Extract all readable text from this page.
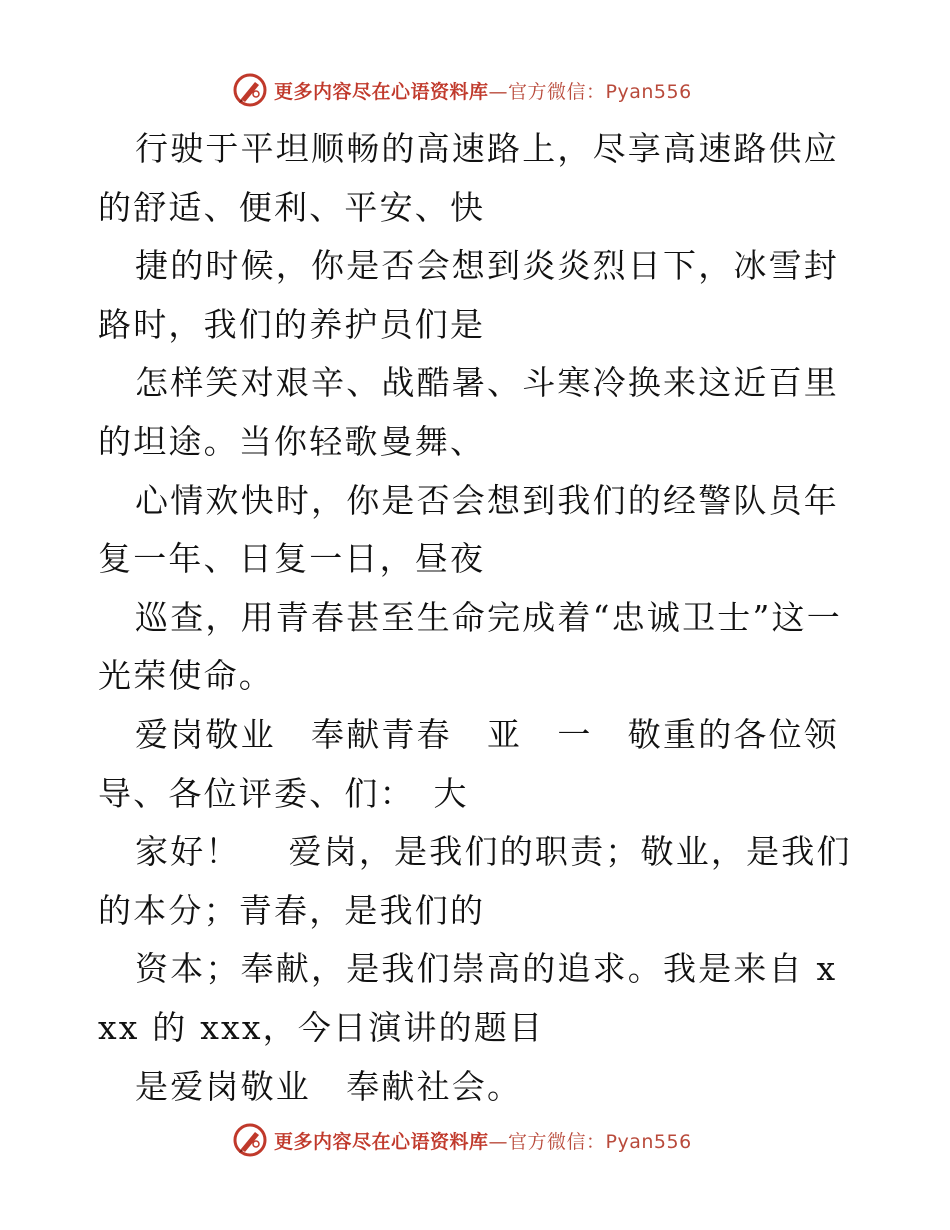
更多内容尽在心语资料库—官方微信：Pyan556

行驶于平坦顺畅的高速路上，尽享高速路供应的舒适、便利、平安、快

捷的时候，你是否会想到炎炎烈日下，冰雪封路时，我们的养护员们是

怎样笑对艰辛、战酷暑、斗寒冷换来这近百里的坦途。当你轻歌曼舞、

心情欢快时，你是否会想到我们的经警队员年复一年、日复一日，昼夜

巡查，用青春甚至生命完成着“忠诚卫士”这一光荣使命。

爱岗敬业　奉献青春　亚　一　敬重的各位领导、各位评委、们：　大

家好！　 爱岗，是我们的职责；敬业，是我们的本分；青春，是我们的

资本；奉献，是我们崇高的追求。我是来自 xxx 的 xxx，今日演讲的题目

是爱岗敬业　奉献社会。

更多内容尽在心语资料库—官方微信：Pyan556
